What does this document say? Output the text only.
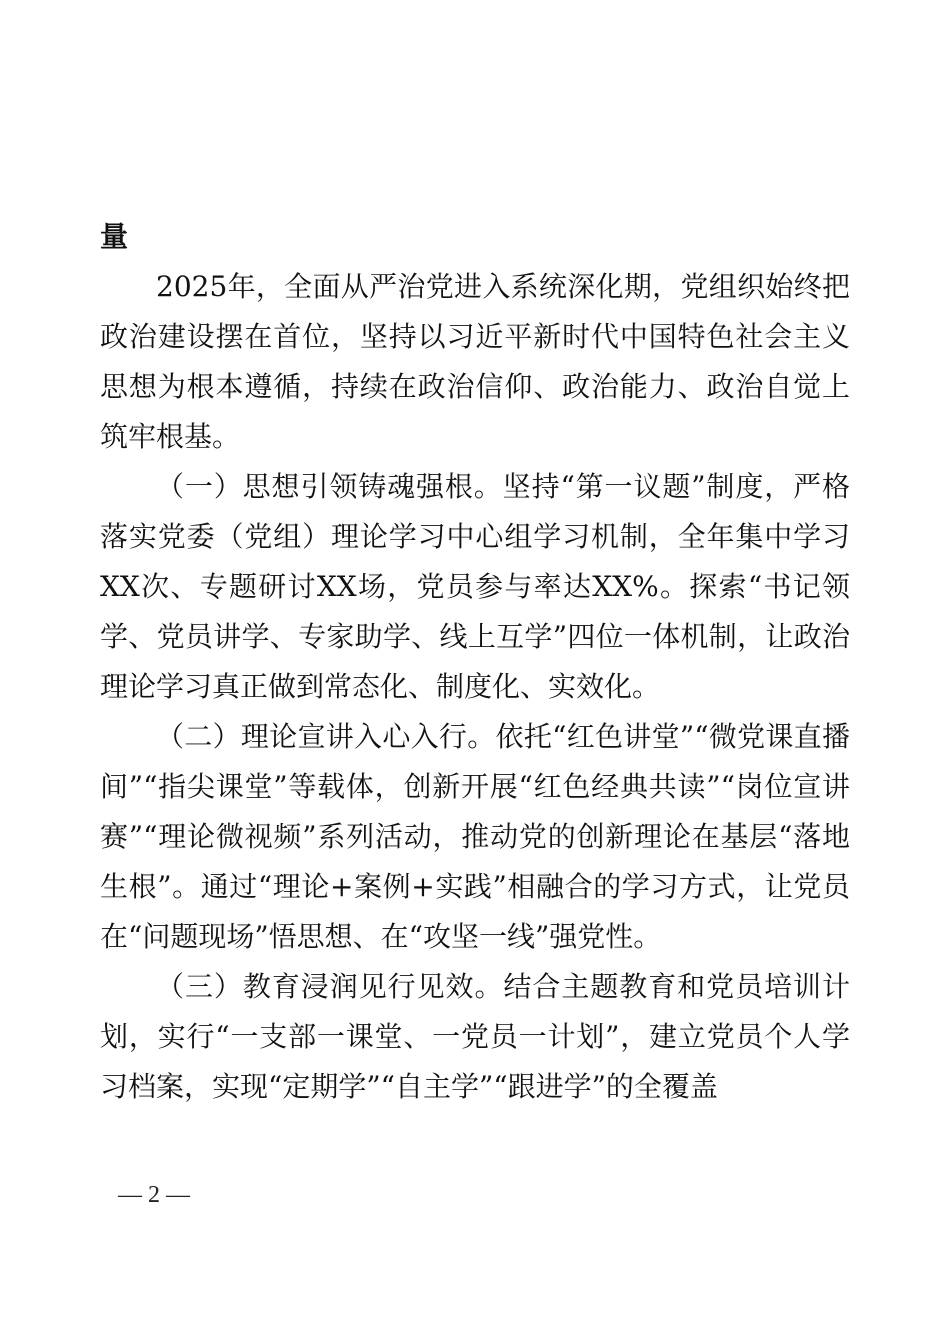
量

2025年，全面从严治党进入系统深化期，党组织始终把政治建设摆在首位，坚持以习近平新时代中国特色社会主义思想为根本遵循，持续在政治信仰、政治能力、政治自觉上筑牢根基。

（一）思想引领铸魂强根。坚持“第一议题”制度，严格落实党委（党组）理论学习中心组学习机制，全年集中学习XX次、专题研讨XX场，党员参与率达XX%。探索“书记领学、党员讲学、专家助学、线上互学”四位一体机制，让政治理论学习真正做到常态化、制度化、实效化。

（二）理论宣讲入心入行。依托“红色讲堂”“微党课直播间”“指尖课堂”等载体，创新开展“红色经典共读”“岗位宣讲赛”“理论微视频”系列活动，推动党的创新理论在基层“落地生根”。通过“理论+案例+实践”相融合的学习方式，让党员在“问题现场”悟思想、在“攻坚一线”强党性。

（三）教育浸润见行见效。结合主题教育和党员培训计划，实行“一支部一课堂、一党员一计划”，建立党员个人学习档案，实现“定期学”“自主学”“跟进学”的全覆盖

— 2 —
